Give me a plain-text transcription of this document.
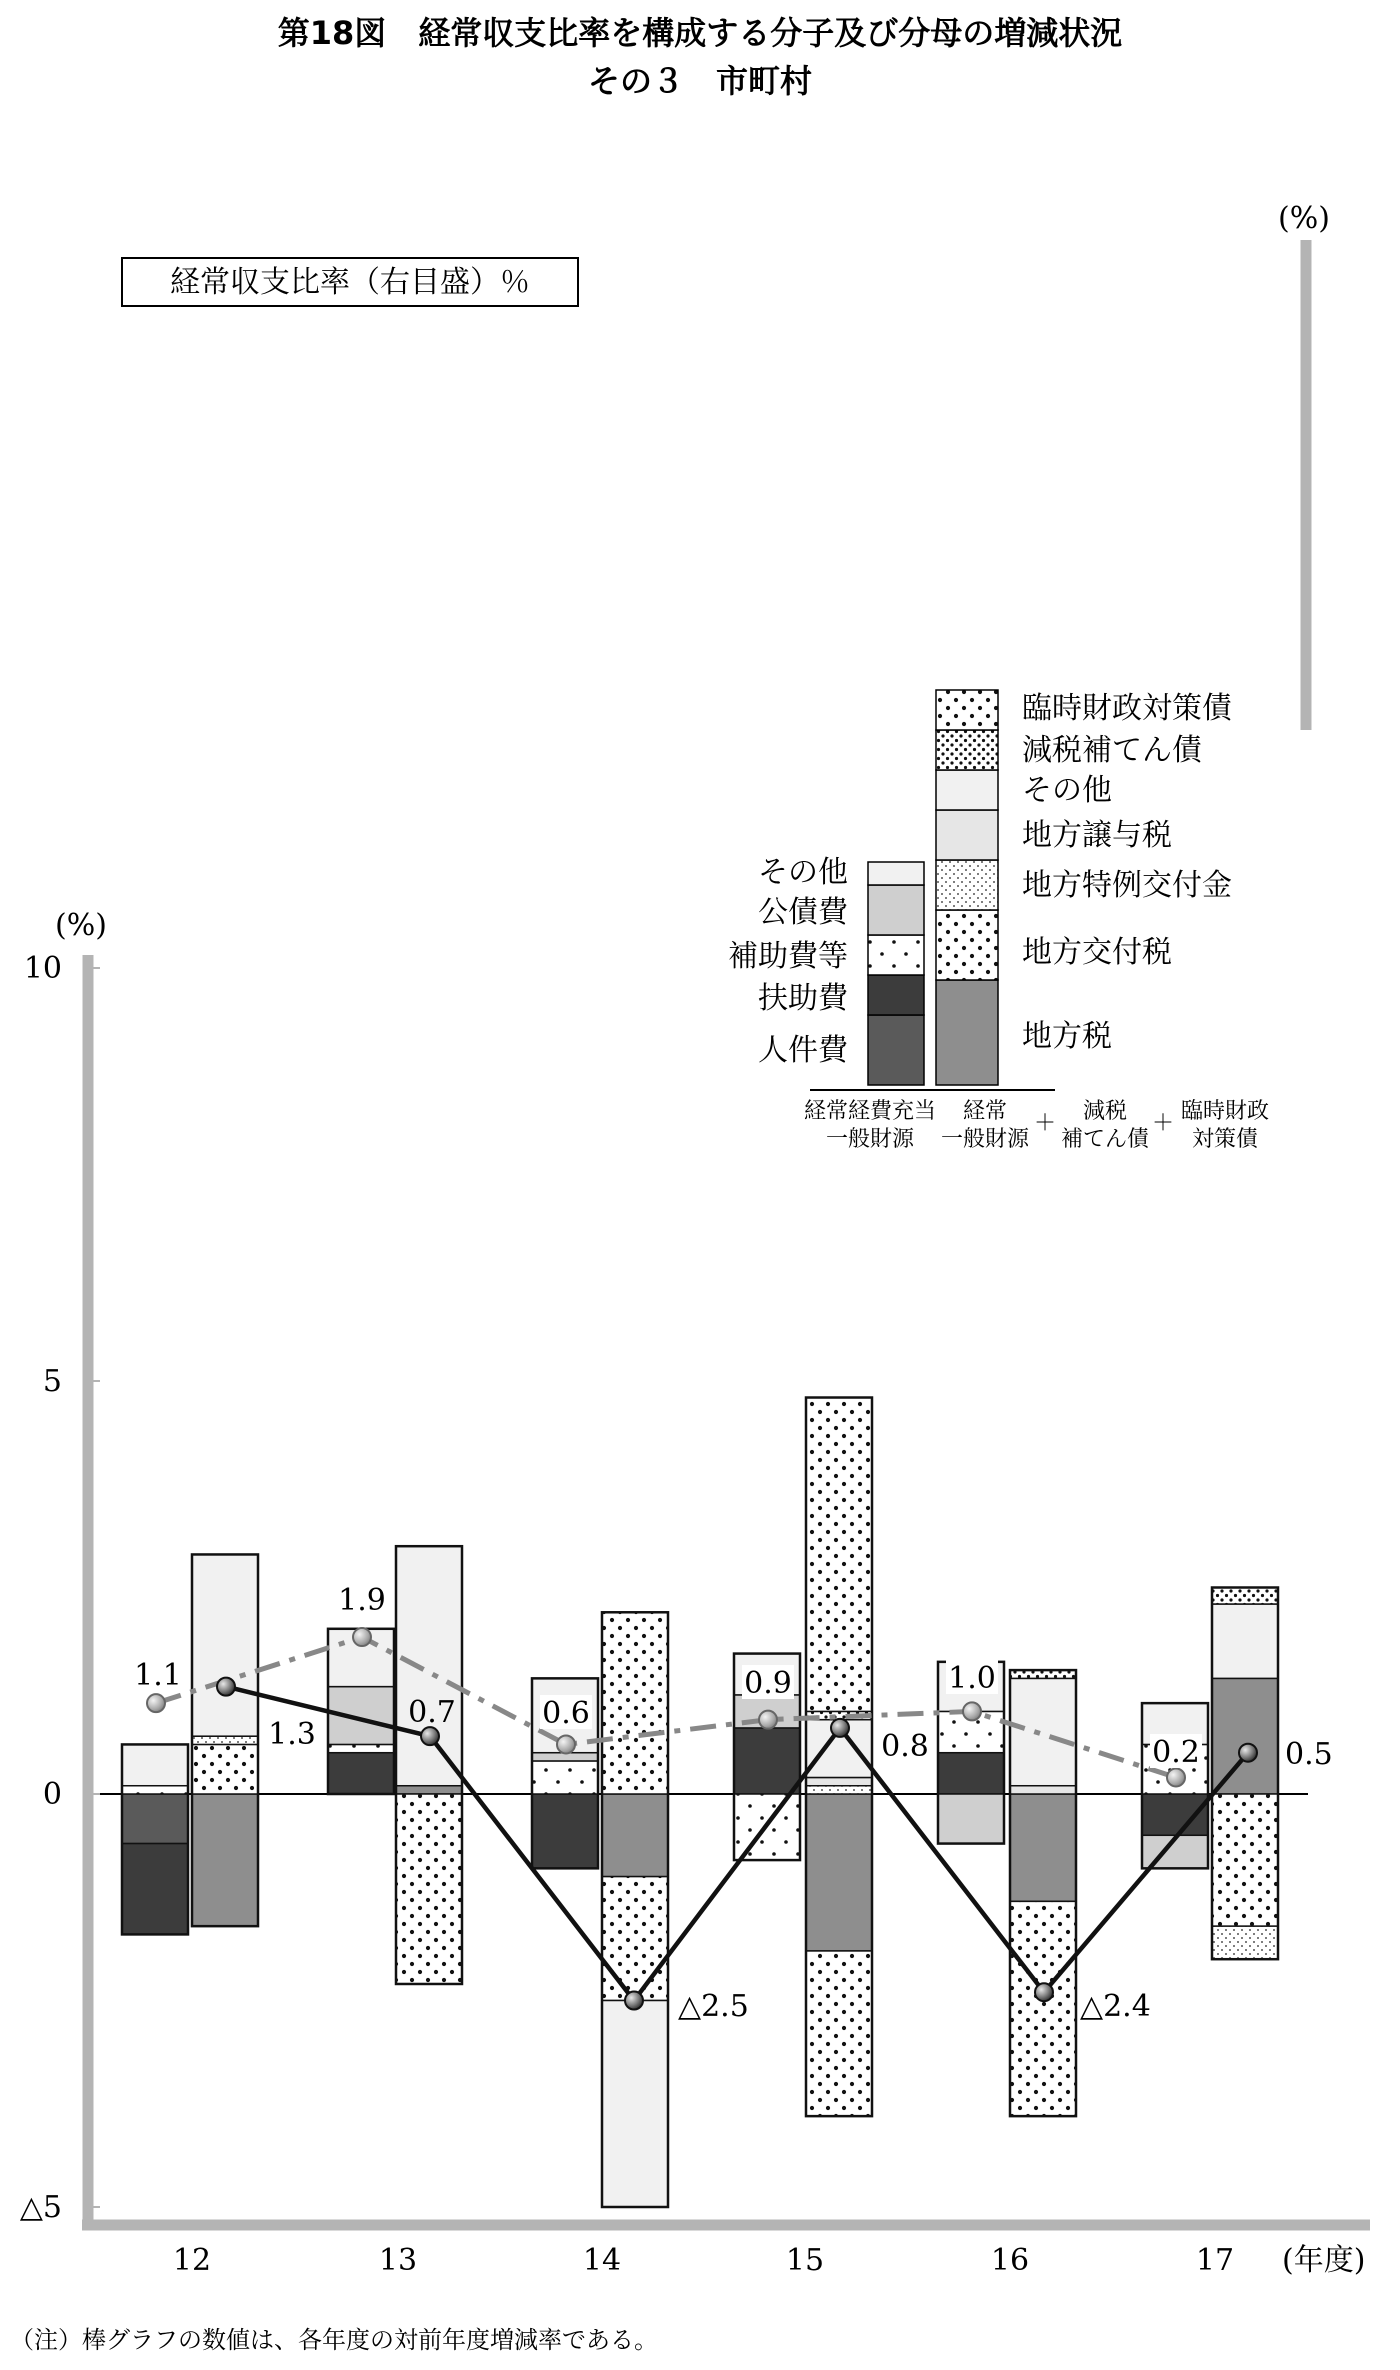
第18図　経常収支比率を構成する分子及び分母の増減状況
その３　市町村
経常収支比率（右目盛）％
(%)
人件費
扶助費
補助費等
公債費
その他
臨時財政対策債
減税補てん債
その他
地方譲与税
地方特例交付金
地方交付税
地方税
経常経費充当
一般財源
経常
一般財源
＋ 減税
補てん債
＋ 臨時財政
対策債
(%)
10
5
0
△5
1.1
1.9
0.6
0.9	1.0
0.2
1.3
0.7
△2.5
0.8
△2.4
0.5
12	13	14	15	16	17 (年度)
（注）棒グラフの数値は、各年度の対前年度増減率である。
